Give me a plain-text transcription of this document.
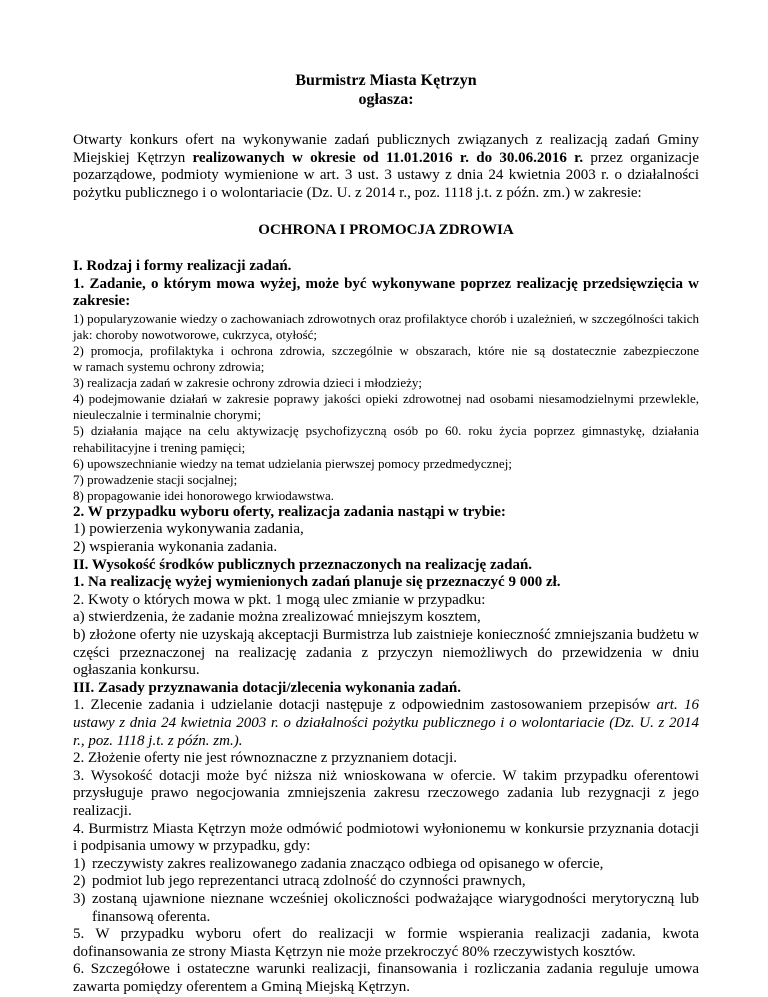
Burmistrz Miasta Kętrzyn

ogłasza:

Otwarty konkurs ofert na wykonywanie zadań publicznych związanych z realizacją zadań Gminy Miejskiej Kętrzyn realizowanych w okresie od 11.01.2016 r. do 30.06.2016 r. przez organizacje pozarządowe, podmioty wymienione w art. 3 ust. 3 ustawy z dnia 24 kwietnia 2003 r. o działalności pożytku publicznego i o wolontariacie (Dz. U. z 2014 r., poz. 1118 j.t. z późn. zm.) w zakresie:

OCHRONA I PROMOCJA ZDROWIA

I. Rodzaj i formy realizacji zadań.

1. Zadanie, o którym mowa wyżej, może być wykonywane poprzez realizację przedsięwzięcia w zakresie:

1) popularyzowanie wiedzy o zachowaniach zdrowotnych oraz profilaktyce chorób i uzależnień, w szczególności takich jak: choroby nowotworowe, cukrzyca, otyłość;

2) promocja, profilaktyka i ochrona zdrowia, szczególnie w obszarach, które nie są dostatecznie zabezpieczone               w ramach systemu ochrony zdrowia;

3) realizacja zadań w zakresie ochrony zdrowia dzieci i młodzieży;

4) podejmowanie działań w zakresie poprawy jakości opieki zdrowotnej nad osobami niesamodzielnymi przewlekle, nieuleczalnie i terminalnie chorymi;

5) działania mające na celu aktywizację psychofizyczną osób po 60. roku życia poprzez gimnastykę, działania rehabilitacyjne i trening pamięci;

6) upowszechnianie wiedzy na temat udzielania pierwszej pomocy przedmedycznej;

7) prowadzenie stacji socjalnej;

8) propagowanie idei honorowego krwiodawstwa.

2. W przypadku wyboru oferty, realizacja zadania nastąpi w trybie:

1) powierzenia wykonywania zadania,

2) wspierania wykonania zadania.

II. Wysokość środków publicznych przeznaczonych na realizację zadań.

1. Na realizację wyżej wymienionych zadań planuje się przeznaczyć 9 000 zł.

2. Kwoty o których mowa w pkt. 1 mogą ulec zmianie w przypadku:

a) stwierdzenia, że zadanie można zrealizować mniejszym kosztem,

b) złożone oferty nie uzyskają akceptacji Burmistrza lub zaistnieje konieczność zmniejszania budżetu w części przeznaczonej na realizację zadania z przyczyn niemożliwych do przewidzenia w dniu ogłaszania konkursu.

III. Zasady przyznawania dotacji/zlecenia wykonania zadań.

1. Zlecenie zadania i udzielanie dotacji następuje z odpowiednim zastosowaniem przepisów art. 16 ustawy z dnia 24 kwietnia 2003 r. o działalności pożytku publicznego i o wolontariacie (Dz. U. z 2014 r., poz. 1118 j.t. z późn. zm.).

2. Złożenie oferty nie jest równoznaczne z przyznaniem dotacji.

3. Wysokość dotacji może być niższa niż wnioskowana w ofercie. W takim przypadku oferentowi przysługuje prawo negocjowania zmniejszenia zakresu rzeczowego zadania lub rezygnacji z jego realizacji.

4. Burmistrz Miasta Kętrzyn może odmówić podmiotowi wyłonionemu w konkursie przyznania dotacji i podpisania umowy w przypadku, gdy:

1) rzeczywisty zakres realizowanego zadania znacząco odbiega od opisanego w ofercie,
2) podmiot lub jego reprezentanci utracą zdolność do czynności prawnych,
3) zostaną ujawnione nieznane wcześniej okoliczności podważające wiarygodności merytoryczną lub finansową oferenta.

5. W przypadku wyboru ofert do realizacji w formie wspierania realizacji zadania, kwota dofinansowania ze strony Miasta Kętrzyn nie może przekroczyć 80% rzeczywistych kosztów.

6. Szczegółowe i ostateczne warunki realizacji, finansowania i rozliczania zadania reguluje umowa zawarta pomiędzy oferentem a Gminą Miejską Kętrzyn.
